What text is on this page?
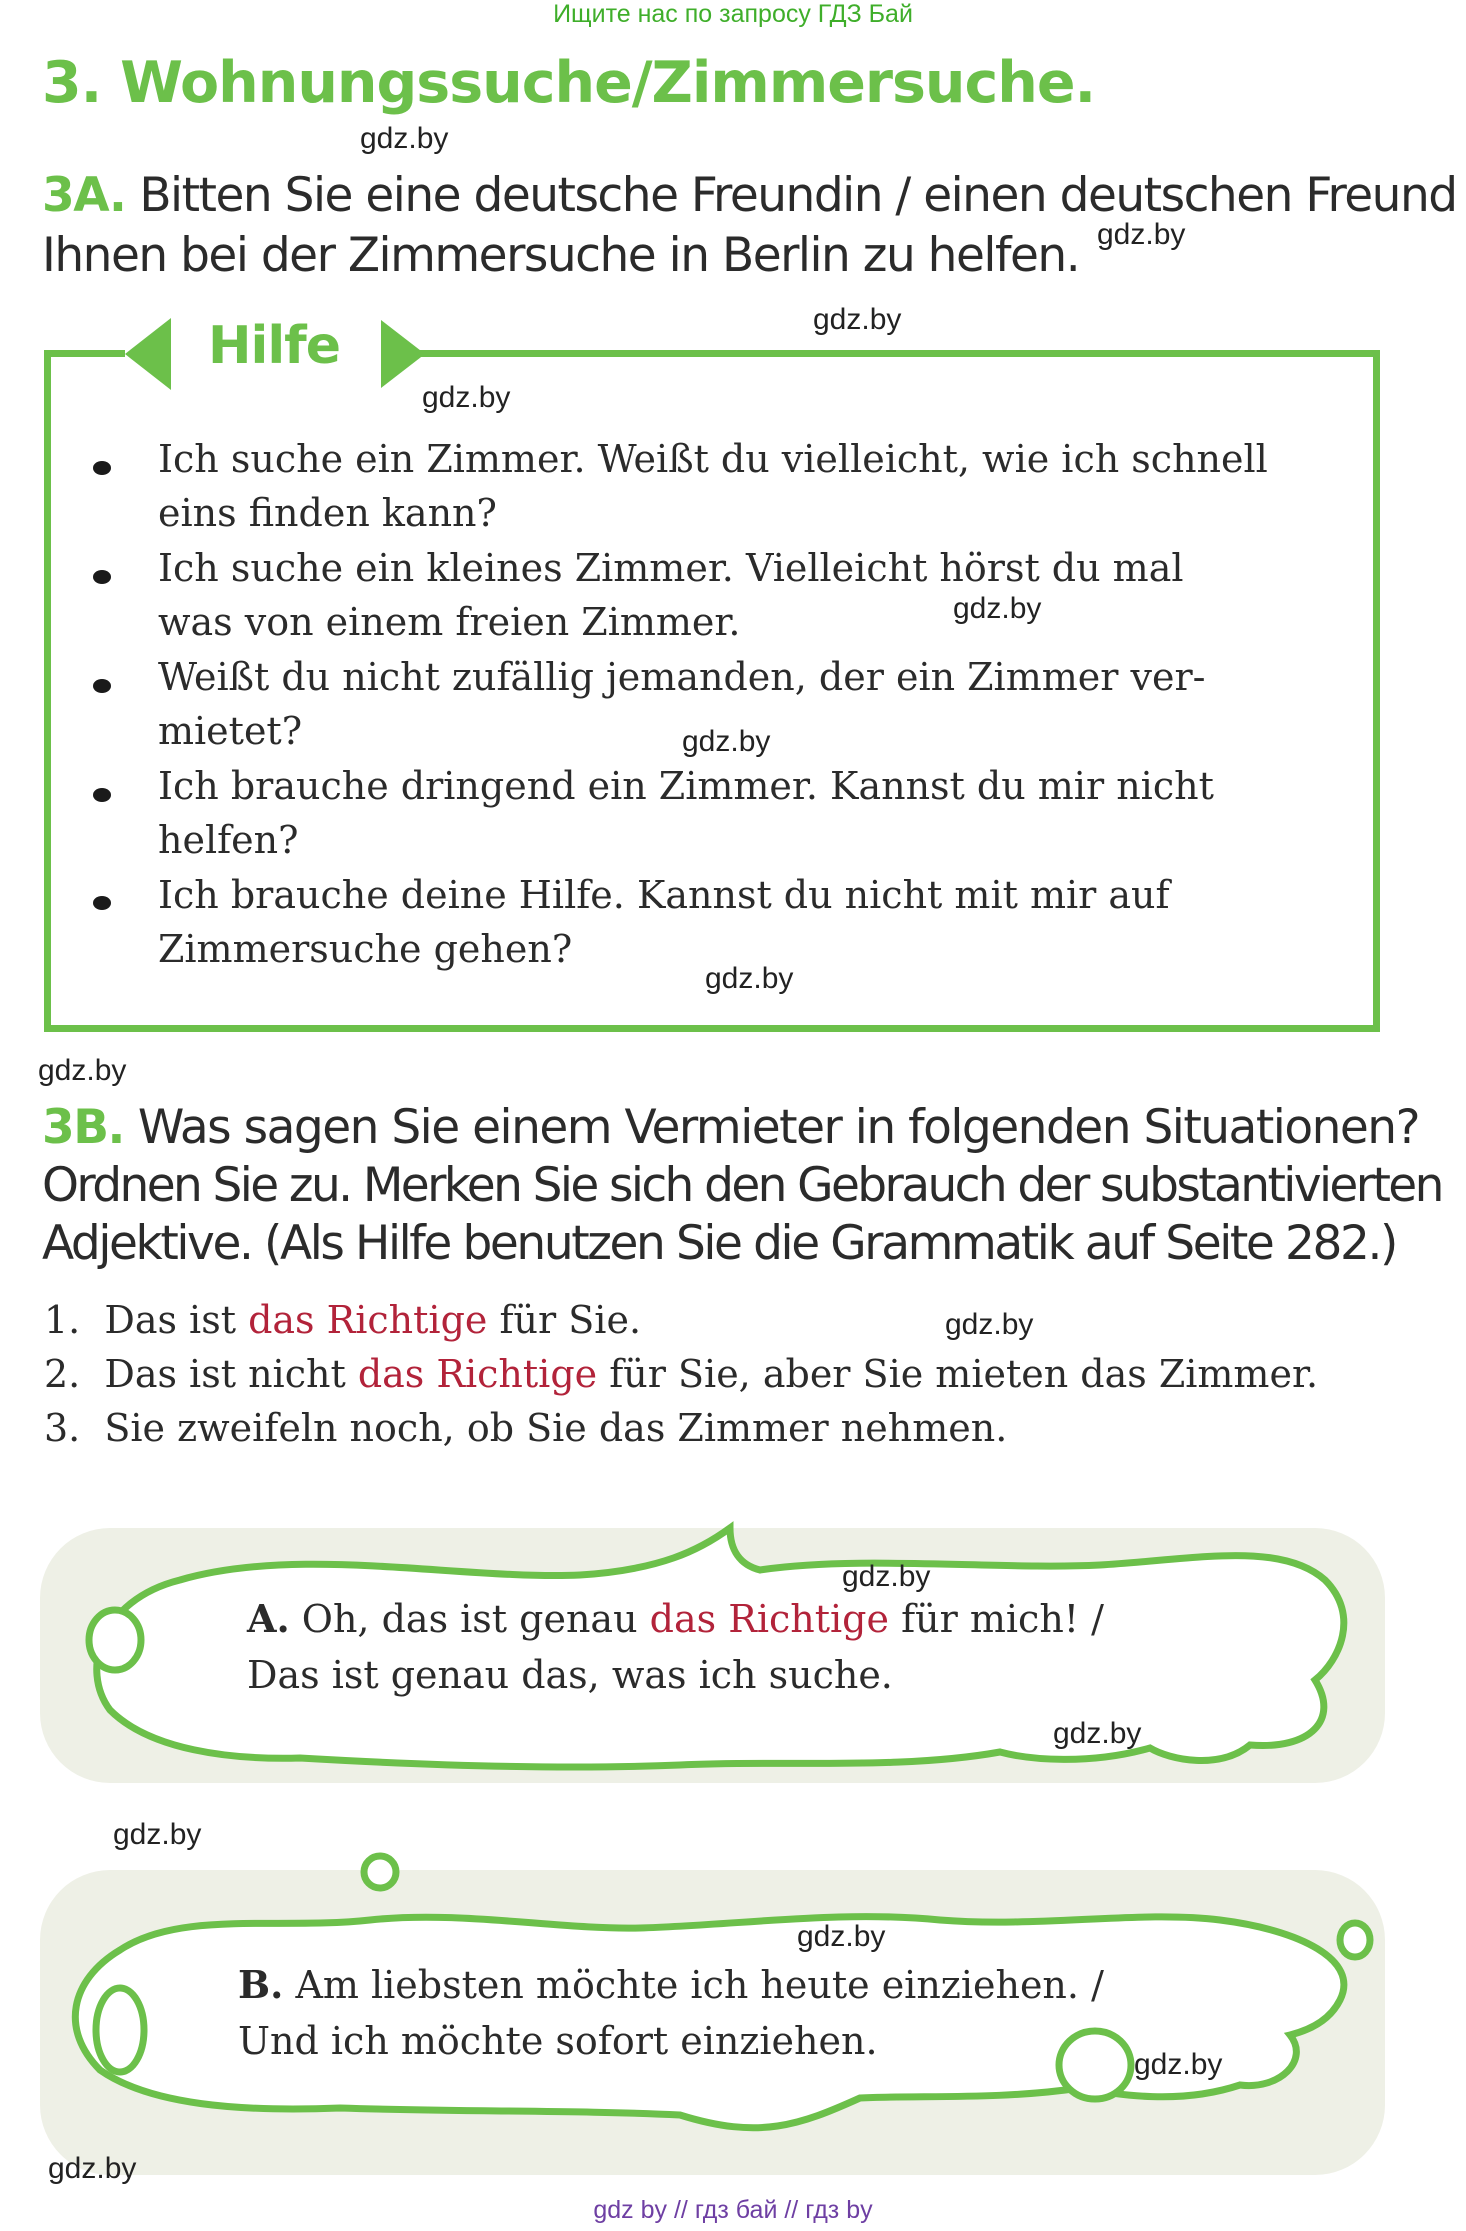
Ищите нас по запросу ГДЗ Бай
3. Wohnungssuche/Zimmersuche.
3A. Bitten Sie eine deutsche Freundin / einen deutschen Freund
Ihnen bei der Zimmersuche in Berlin zu helfen.
Hilfe
Ich suche ein Zimmer. Weißt du vielleicht, wie ich schnell
eins finden kann?
Ich suche ein kleines Zimmer. Vielleicht hörst du mal
was von einem freien Zimmer.
Weißt du nicht zufällig jemanden, der ein Zimmer ver-
mietet?
Ich brauche dringend ein Zimmer. Kannst du mir nicht
helfen?
Ich brauche deine Hilfe. Kannst du nicht mit mir auf
Zimmersuche gehen?
3B. Was sagen Sie einem Vermieter in folgenden Situationen?
Ordnen Sie zu. Merken Sie sich den Gebrauch der substantivierten
Adjektive. (Als Hilfe benutzen Sie die Grammatik auf Seite 282.)
1. Das ist das Richtige für Sie.
2. Das ist nicht das Richtige für Sie, aber Sie mieten das Zimmer.
3. Sie zweifeln noch, ob Sie das Zimmer nehmen.
A. Oh, das ist genau das Richtige für mich! /
Das ist genau das, was ich suche.
B. Am liebsten möchte ich heute einziehen. /
Und ich möchte sofort einziehen.
gdz.by
gdz.by
gdz.by
gdz.by
gdz.by
gdz.by
gdz.by
gdz.by
gdz.by
gdz.by
gdz.by
gdz.by
gdz.by
gdz.by
gdz.by
gdz by // гдз бай // гдз by
